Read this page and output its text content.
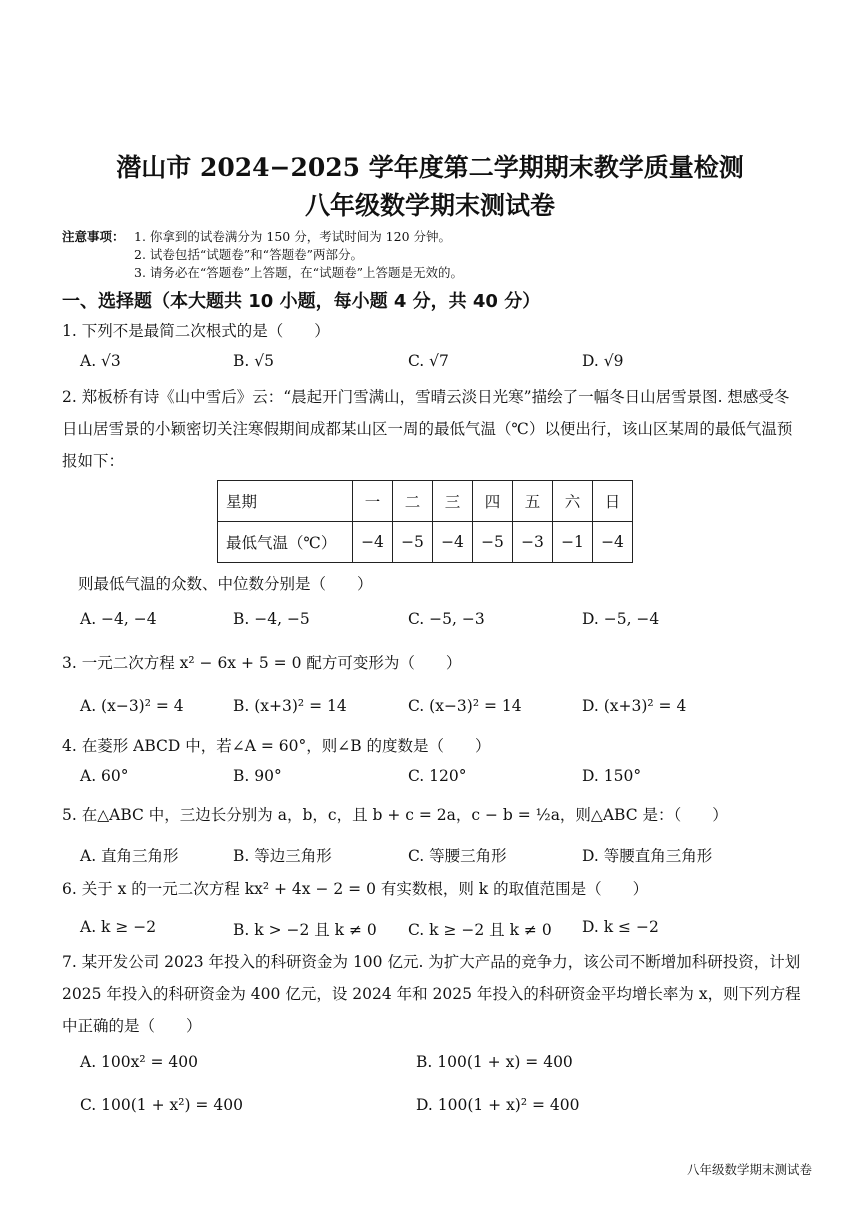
潜山市 2024−2025 学年度第二学期期末教学质量检测
八年级数学期末测试卷
注意事项： 1. 你拿到的试卷满分为 150 分，考试时间为 120 分钟。
2. 试卷包括“试题卷”和“答题卷”两部分。
3. 请务必在“答题卷”上答题，在“试题卷”上答题是无效的。
一、选择题（本大题共 10 小题，每小题 4 分，共 40 分）
1. 下列不是最简二次根式的是（　　）
A. √3	B. √5	C. √7	D. √9
2. 郑板桥有诗《山中雪后》云：“晨起开门雪满山，雪晴云淡日光寒”描绘了一幅冬日山居雪景图. 想感受冬日山居雪景的小颖密切关注寒假期间成都某山区一周的最低气温（℃）以便出行，该山区某周的最低气温预报如下：
星期	一	二	三	四	五	六	日
最低气温（℃）	−4	−5	−4	−5	−3	−1	−4
则最低气温的众数、中位数分别是（　　）
A. −4, −4	B. −4, −5	C. −5, −3	D. −5, −4
3. 一元二次方程 x² − 6x + 5 = 0 配方可变形为（　　）
A. (x−3)² = 4	B. (x+3)² = 14	C. (x−3)² = 14	D. (x+3)² = 4
4. 在菱形 ABCD 中，若∠A = 60°，则∠B 的度数是（　　）
A. 60°	B. 90°	C. 120°	D. 150°
5. 在△ABC 中，三边长分别为 a，b，c，且 b + c = 2a，c − b = ½a，则△ABC 是：（　　）
A. 直角三角形	B. 等边三角形	C. 等腰三角形	D. 等腰直角三角形
6. 关于 x 的一元二次方程 kx² + 4x − 2 = 0 有实数根，则 k 的取值范围是（　　）
A. k ≥ −2	B. k > −2 且 k ≠ 0 C. k ≥ −2 且 k ≠ 0 D. k ≤ −2
7. 某开发公司 2023 年投入的科研资金为 100 亿元. 为扩大产品的竞争力，该公司不断增加科研投资，计划 2025 年投入的科研资金为 400 亿元，设 2024 年和 2025 年投入的科研资金平均增长率为 x，则下列方程中正确的是（　　）
A. 100x² = 400	B. 100(1 + x) = 400
C. 100(1 + x²) = 400	D. 100(1 + x)² = 400
八年级数学期末测试卷
